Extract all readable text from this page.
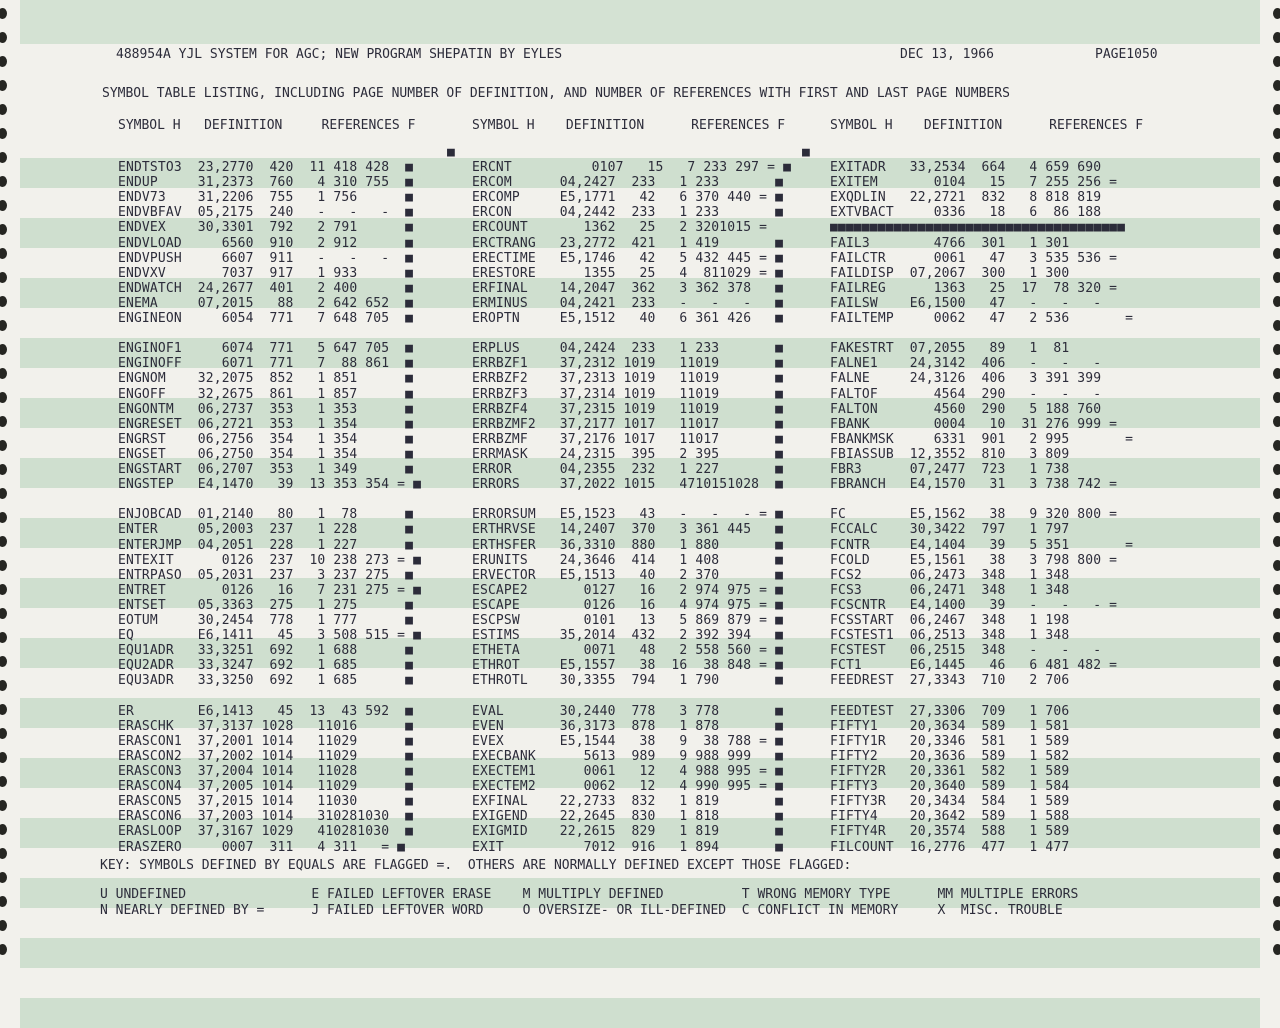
488954A YJL SYSTEM FOR AGC; NEW PROGRAM SHEPATIN BY EYLES	DEC 13, 1966	PAGE1050
SYMBOL TABLE LISTING, INCLUDING PAGE NUMBER OF DEFINITION, AND NUMBER OF REFERENCES WITH FIRST AND LAST PAGE NUMBERS
SYMBOL H   DEFINITION     REFERENCES F	SYMBOL H    DEFINITION      REFERENCES F	SYMBOL H    DEFINITION      REFERENCES F
■	■
ENDTSTO3  23,2770  420  11 418 428  ■	ERCNT          0107   15   7 233 297 = ■	EXITADR   33,2534  664   4 659 690
ENDUP     31,2373  760   4 310 755  ■	ERCOM      04,2427  233   1 233       ■	EXITEM       0104   15   7 255 256 =
ENDV73    31,2206  755   1 756      ■	ERCOMP     E5,1771   42   6 370 440 = ■	EXQDLIN   22,2721  832   8 818 819
ENDVBFAV  05,2175  240   -   -   -  ■	ERCON      04,2442  233   1 233       ■	EXTVBACT     0336   18   6  86 188
ENDVEX    30,3301  792   2 791      ■	ERCOUNT       1362   25   2 3201015 =	■■■■■■■■■■■■■■■■■■■■■■■■■■■■■■■■■■■■■
ENDVLOAD     6560  910   2 912      ■	ERCTRANG   23,2772  421   1 419       ■	FAIL3        4766  301   1 301
ENDVPUSH     6607  911   -   -   -  ■	ERECTIME   E5,1746   42   5 432 445 = ■	FAILCTR      0061   47   3 535 536 =
ENDVXV       7037  917   1 933      ■	ERESTORE      1355   25   4  811029 = ■	FAILDISP  07,2067  300   1 300
ENDWATCH  24,2677  401   2 400      ■	ERFINAL    14,2047  362   3 362 378   ■	FAILREG      1363   25  17  78 320 =
ENEMA     07,2015   88   2 642 652  ■	ERMINUS    04,2421  233   -   -   -   ■	FAILSW    E6,1500   47   -   -   -
ENGINEON     6054  771   7 648 705  ■	EROPTN     E5,1512   40   6 361 426   ■	FAILTEMP     0062   47   2 536       =
ENGINOF1     6074  771   5 647 705  ■	ERPLUS     04,2424  233   1 233       ■	FAKESTRT  07,2055   89   1  81
ENGINOFF     6071  771   7  88 861  ■	ERRBZF1    37,2312 1019   11019       ■	FALNE1    24,3142  406   -   -   -
ENGNOM    32,2075  852   1 851      ■	ERRBZF2    37,2313 1019   11019       ■	FALNE     24,3126  406   3 391 399
ENGOFF    32,2675  861   1 857      ■	ERRBZF3    37,2314 1019   11019       ■	FALTOF       4564  290   -   -   -
ENGONTM   06,2737  353   1 353      ■	ERRBZF4    37,2315 1019   11019       ■	FALTON       4560  290   5 188 760
ENGRESET  06,2721  353   1 354      ■	ERRBZMF2   37,2177 1017   11017       ■	FBANK        0004   10  31 276 999 =
ENGRST    06,2756  354   1 354      ■	ERRBZMF    37,2176 1017   11017       ■	FBANKMSK     6331  901   2 995       =
ENGSET    06,2750  354   1 354      ■	ERRMASK    24,2315  395   2 395       ■	FBIASSUB  12,3552  810   3 809
ENGSTART  06,2707  353   1 349      ■	ERROR      04,2355  232   1 227       ■	FBR3      07,2477  723   1 738
ENGSTEP   E4,1470   39  13 353 354 = ■	ERRORS     37,2022 1015   4710151028  ■	FBRANCH   E4,1570   31   3 738 742 =
ENJOBCAD  01,2140   80   1  78      ■	ERRORSUM   E5,1523   43   -   -   - = ■	FC        E5,1562   38   9 320 800 =
ENTER     05,2003  237   1 228      ■	ERTHRVSE   14,2407  370   3 361 445   ■	FCCALC    30,3422  797   1 797
ENTERJMP  04,2051  228   1 227      ■	ERTHSFER   36,3310  880   1 880       ■	FCNTR     E4,1404   39   5 351       =
ENTEXIT      0126  237  10 238 273 = ■	ERUNITS    24,3646  414   1 408       ■	FCOLD     E5,1561   38   3 798 800 =
ENTRPASO  05,2031  237   3 237 275  ■	ERVECTOR   E5,1513   40   2 370       ■	FCS2      06,2473  348   1 348
ENTRET       0126   16   7 231 275 = ■	ESCAPE2       0127   16   2 974 975 = ■	FCS3      06,2471  348   1 348
ENTSET    05,3363  275   1 275      ■	ESCAPE        0126   16   4 974 975 = ■	FCSCNTR   E4,1400   39   -   -   - =
EOTUM     30,2454  778   1 777      ■	ESCPSW        0101   13   5 869 879 = ■	FCSSTART  06,2467  348   1 198
EQ        E6,1411   45   3 508 515 = ■	ESTIMS     35,2014  432   2 392 394   ■	FCSTEST1  06,2513  348   1 348
EQU1ADR   33,3251  692   1 688      ■	ETHETA        0071   48   2 558 560 = ■	FCSTEST   06,2515  348   -   -   -
EQU2ADR   33,3247  692   1 685      ■	ETHROT     E5,1557   38  16  38 848 = ■	FCT1      E6,1445   46   6 481 482 =
EQU3ADR   33,3250  692   1 685      ■	ETHROTL    30,3355  794   1 790       ■	FEEDREST  27,3343  710   2 706
ER        E6,1413   45  13  43 592  ■	EVAL       30,2440  778   3 778       ■	FEEDTEST  27,3306  709   1 706
ERASCHK   37,3137 1028   11016      ■	EVEN       36,3173  878   1 878       ■	FIFTY1    20,3634  589   1 581
ERASCON1  37,2001 1014   11029      ■	EVEX       E5,1544   38   9  38 788 = ■	FIFTY1R   20,3346  581   1 589
ERASCON2  37,2002 1014   11029      ■	EXECBANK      5613  989   9 988 999   ■	FIFTY2    20,3636  589   1 582
ERASCON3  37,2004 1014   11028      ■	EXECTEM1      0061   12   4 988 995 = ■	FIFTY2R   20,3361  582   1 589
ERASCON4  37,2005 1014   11029      ■	EXECTEM2      0062   12   4 990 995 = ■	FIFTY3    20,3640  589   1 584
ERASCON5  37,2015 1014   11030      ■	EXFINAL    22,2733  832   1 819       ■	FIFTY3R   20,3434  584   1 589
ERASCON6  37,2003 1014   310281030  ■	EXIGEND    22,2645  830   1 818       ■	FIFTY4    20,3642  589   1 588
ERASLOOP  37,3167 1029   410281030  ■	EXIGMID    22,2615  829   1 819       ■	FIFTY4R   20,3574  588   1 589
ERASZERO     0007  311   4 311   = ■	EXIT          7012  916   1 894       ■	FILCOUNT  16,2776  477   1 477
KEY: SYMBOLS DEFINED BY EQUALS ARE FLAGGED =.  OTHERS ARE NORMALLY DEFINED EXCEPT THOSE FLAGGED:
U UNDEFINED                E FAILED LEFTOVER ERASE    M MULTIPLY DEFINED          T WRONG MEMORY TYPE      MM MULTIPLE ERRORS
N NEARLY DEFINED BY =      J FAILED LEFTOVER WORD     O OVERSIZE- OR ILL-DEFINED  C CONFLICT IN MEMORY     X  MISC. TROUBLE
